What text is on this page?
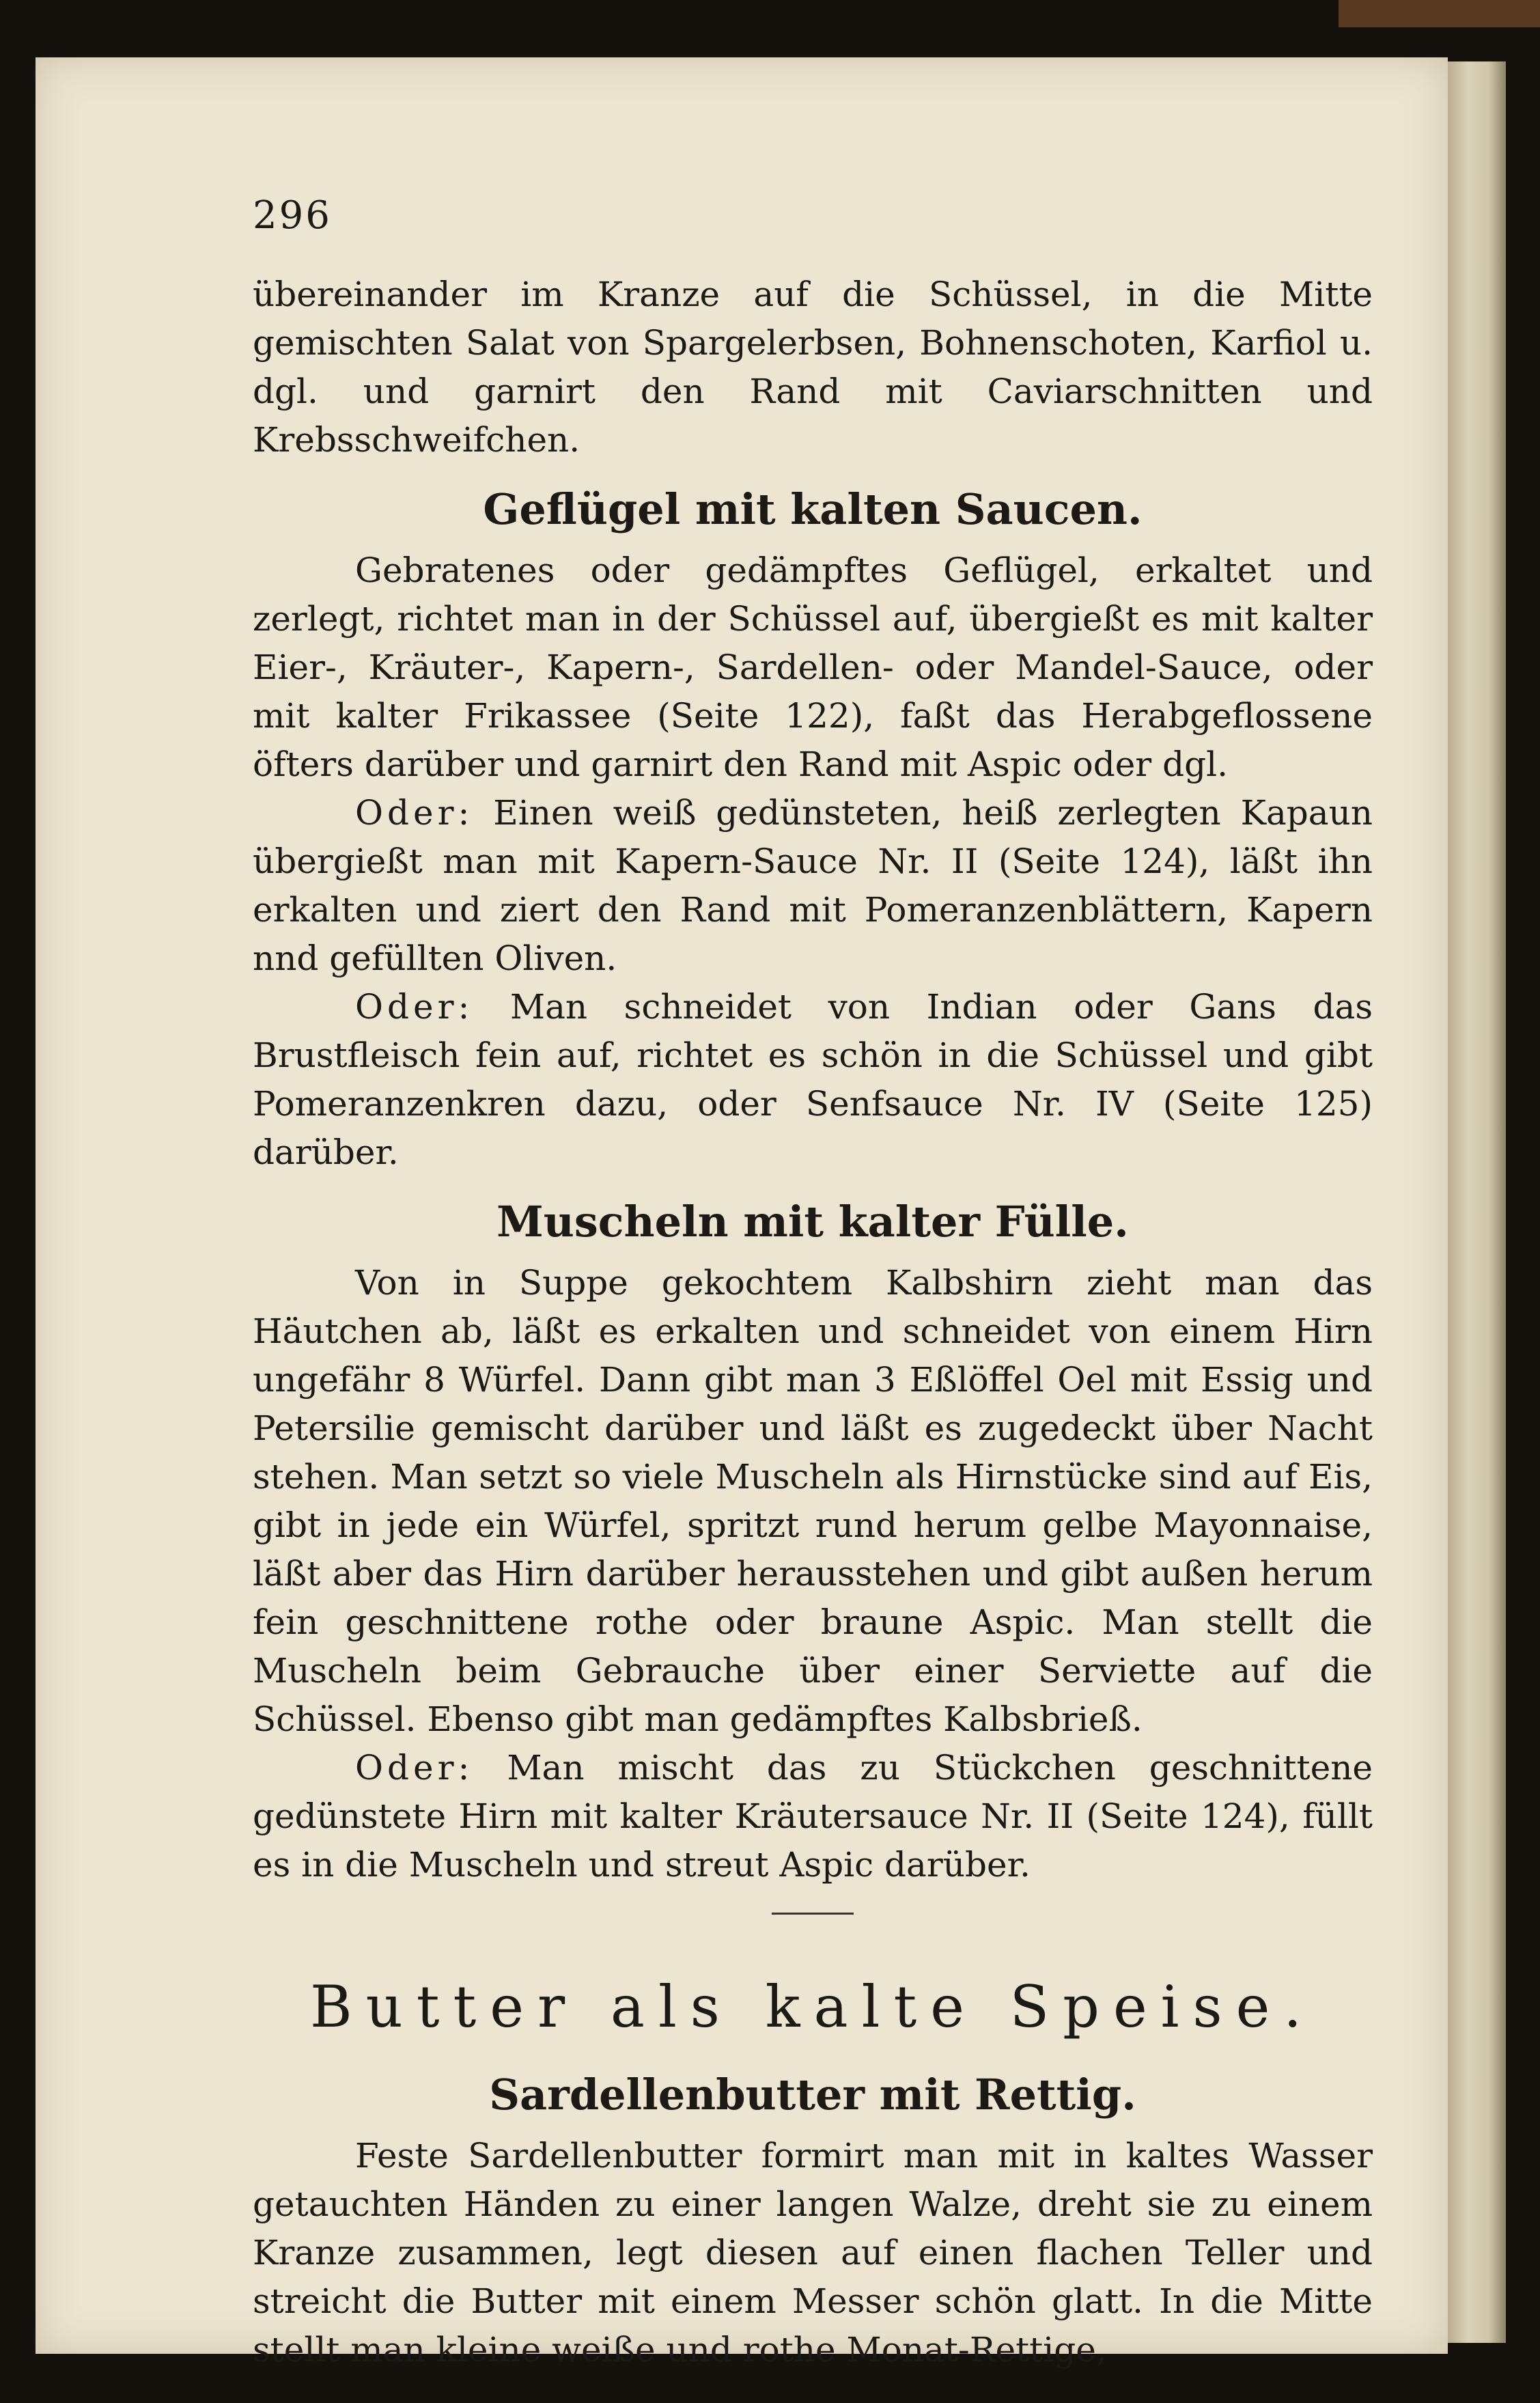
296

übereinander im Kranze auf die Schüssel, in die Mitte gemischten Salat von Spargelerbsen, Bohnenschoten, Karfiol u. dgl. und garnirt den Rand mit Caviarschnitten und Krebsschweifchen.

Geflügel mit kalten Saucen.

Gebratenes oder gedämpftes Geflügel, erkaltet und zerlegt, richtet man in der Schüssel auf, übergießt es mit kalter Eier-, Kräuter-, Kapern-, Sardellen- oder Mandel-Sauce, oder mit kalter Frikassee (Seite 122), faßt das Herabgeflossene öfters darüber und garnirt den Rand mit Aspic oder dgl.

Oder: Einen weiß gedünsteten, heiß zerlegten Kapaun übergießt man mit Kapern-Sauce Nr. II (Seite 124), läßt ihn erkalten und ziert den Rand mit Pomeranzenblättern, Kapern nnd gefüllten Oliven.

Oder: Man schneidet von Indian oder Gans das Brustfleisch fein auf, richtet es schön in die Schüssel und gibt Pomeranzenkren dazu, oder Senfsauce Nr. IV (Seite 125) darüber.

Muscheln mit kalter Fülle.

Von in Suppe gekochtem Kalbshirn zieht man das Häutchen ab, läßt es erkalten und schneidet von einem Hirn ungefähr 8 Würfel. Dann gibt man 3 Eßlöffel Oel mit Essig und Petersilie gemischt darüber und läßt es zugedeckt über Nacht stehen. Man setzt so viele Muscheln als Hirnstücke sind auf Eis, gibt in jede ein Würfel, spritzt rund herum gelbe Mayonnaise, läßt aber das Hirn darüber herausstehen und gibt außen herum fein geschnittene rothe oder braune Aspic. Man stellt die Muscheln beim Gebrauche über einer Serviette auf die Schüssel. Ebenso gibt man gedämpftes Kalbsbrieß.

Oder: Man mischt das zu Stückchen geschnittene gedünstete Hirn mit kalter Kräutersauce Nr. II (Seite 124), füllt es in die Muscheln und streut Aspic darüber.

Butter als kalte Speise.
Sardellenbutter mit Rettig.

Feste Sardellenbutter formirt man mit in kaltes Wasser getauchten Händen zu einer langen Walze, dreht sie zu einem Kranze zusammen, legt diesen auf einen flachen Teller und streicht die Butter mit einem Messer schön glatt. In die Mitte stellt man kleine weiße und rothe Monat-Rettige,
